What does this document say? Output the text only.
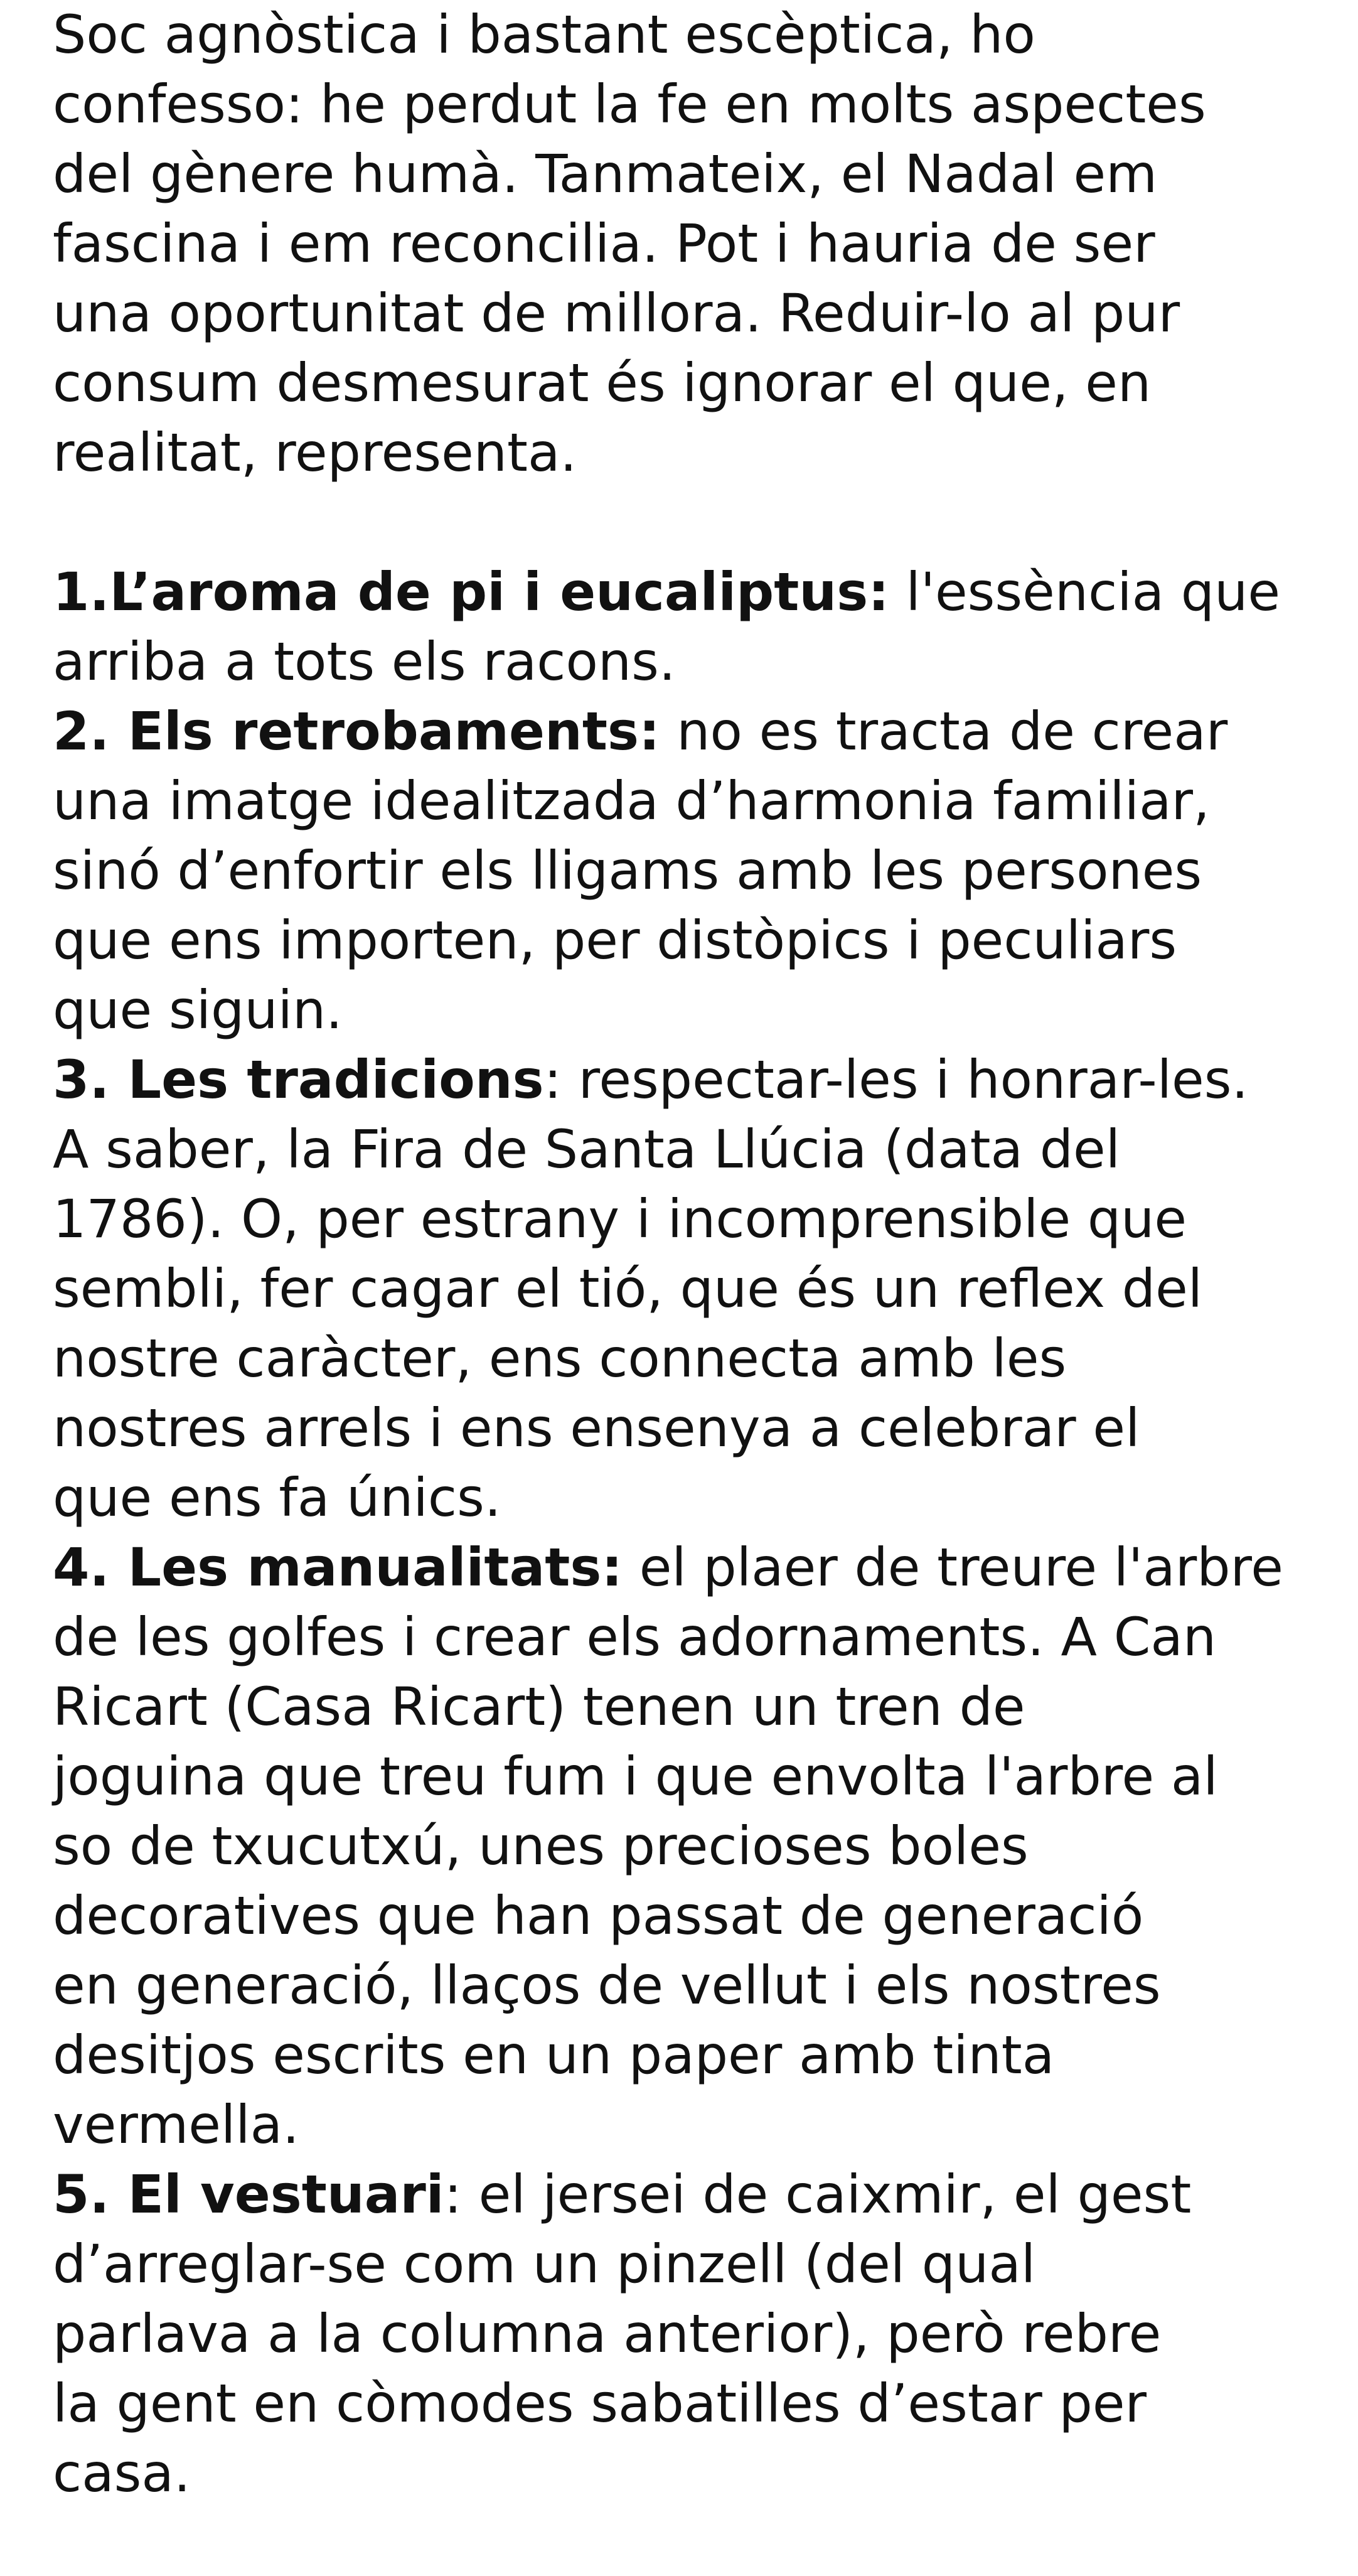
Soc agnòstica i bastant escèptica, ho
confesso: he perdut la fe en molts aspectes
del gènere humà. Tanmateix, el Nadal em
fascina i em reconcilia. Pot i hauria de ser
una oportunitat de millora. Reduir-lo al pur
consum desmesurat és ignorar el que, en
realitat, representa.

1.L’aroma de pi i eucaliptus: l'essència que
arriba a tots els racons.

2. Els retrobaments: no es tracta de crear
una imatge idealitzada d’harmonia familiar,
sinó d’enfortir els lligams amb les persones
que ens importen, per distòpics i peculiars
que siguin.

3. Les tradicions: respectar-les i honrar-les.
A saber, la Fira de Santa Llúcia (data del
1786). O, per estrany i incomprensible que
sembli, fer cagar el tió, que és un reflex del
nostre caràcter, ens connecta amb les
nostres arrels i ens ensenya a celebrar el
que ens fa únics.

4. Les manualitats: el plaer de treure l'arbre
de les golfes i crear els adornaments. A Can
Ricart (Casa Ricart) tenen un tren de
joguina que treu fum i que envolta l'arbre al
so de txucutxú, unes precioses boles
decoratives que han passat de generació
en generació, llaços de vellut i els nostres
desitjos escrits en un paper amb tinta
vermella.

5. El vestuari: el jersei de caixmir, el gest
d’arreglar-se com un pinzell (del qual
parlava a la columna anterior), però rebre
la gent en còmodes sabatilles d’estar per
casa.
